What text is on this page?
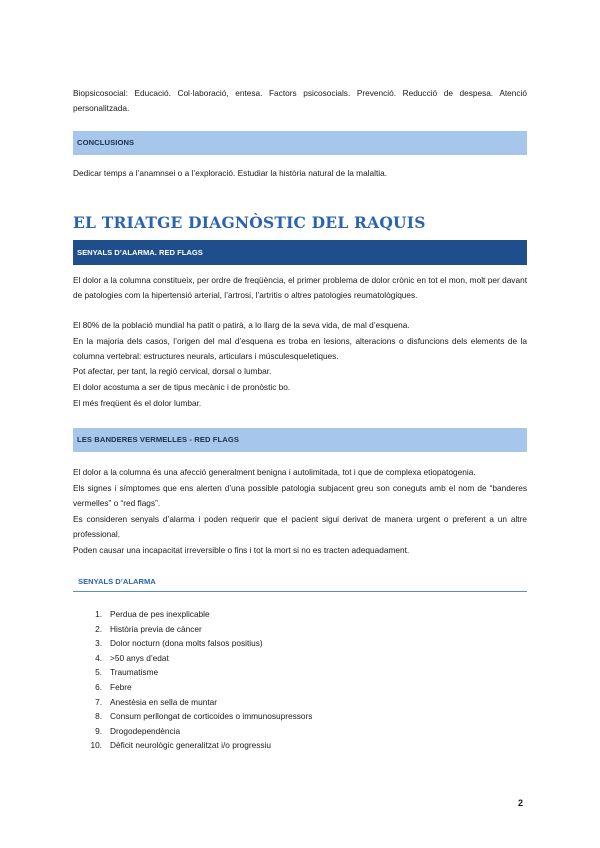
Biopsicosocial: Educació. Col·laboració, entesa. Factors psicosocials. Prevenció. Reducció de despesa. Atenció personalitzada.

CONCLUSIONS

Dedicar temps a l’anamnsei o a l’exploració. Estudiar la història natural de la malaltia.

EL TRIATGE DIAGNÒSTIC DEL RAQUIS
SENYALS D’ALARMA. RED FLAGS

El dolor a la columna constitueix, per ordre de freqüència, el primer problema de dolor crònic en tot el mon, molt per davant de patologies com la hipertensió arterial, l’artrosi, l’artritis o altres patologies reumatològiques.

El 80% de la població mundial ha patit o patirà, a lo llarg de la seva vida, de mal d’esquena.

En la majoria dels casos, l’origen del mal d’esquena es troba en lesions, alteracions o disfuncions dels elements de la columna vertebral: estructures neurals, articulars i músculesqueletiques.

Pot afectar, per tant, la regió cervical, dorsal o lumbar.

El dolor acostuma a ser de tipus mecànic i de pronòstic bo.

El més freqüent és el dolor lumbar.

LES BANDERES VERMELLES - RED FLAGS

El dolor a la columna és una afecció generalment benigna i autolimitada, tot i que de complexa etiopatogenia.

Els signes i símptomes que ens alerten d’una possible patologia subjacent greu son coneguts amb el nom de “banderes vermelles” o “red flags”.

Es consideren senyals d’alarma i poden requerir que el pacient sigui derivat de manera urgent o preferent a un altre professional.

Poden causar una incapacitat irreversible o fins i tot la mort si no es tracten adequadament.

SENYALS D’ALARMA
1. Perdua de pes inexplicable
2. Història previa de càncer
3. Dolor nocturn (dona molts falsos positius)
4. >50 anys d’edat
5. Traumatisme
6. Febre
7. Anestèsia en sella de muntar
8. Consum perllongat de corticoides o immunosupressors
9. Drogodependència
10. Dèficit neurològic generalitzat i/o progressiu
2
